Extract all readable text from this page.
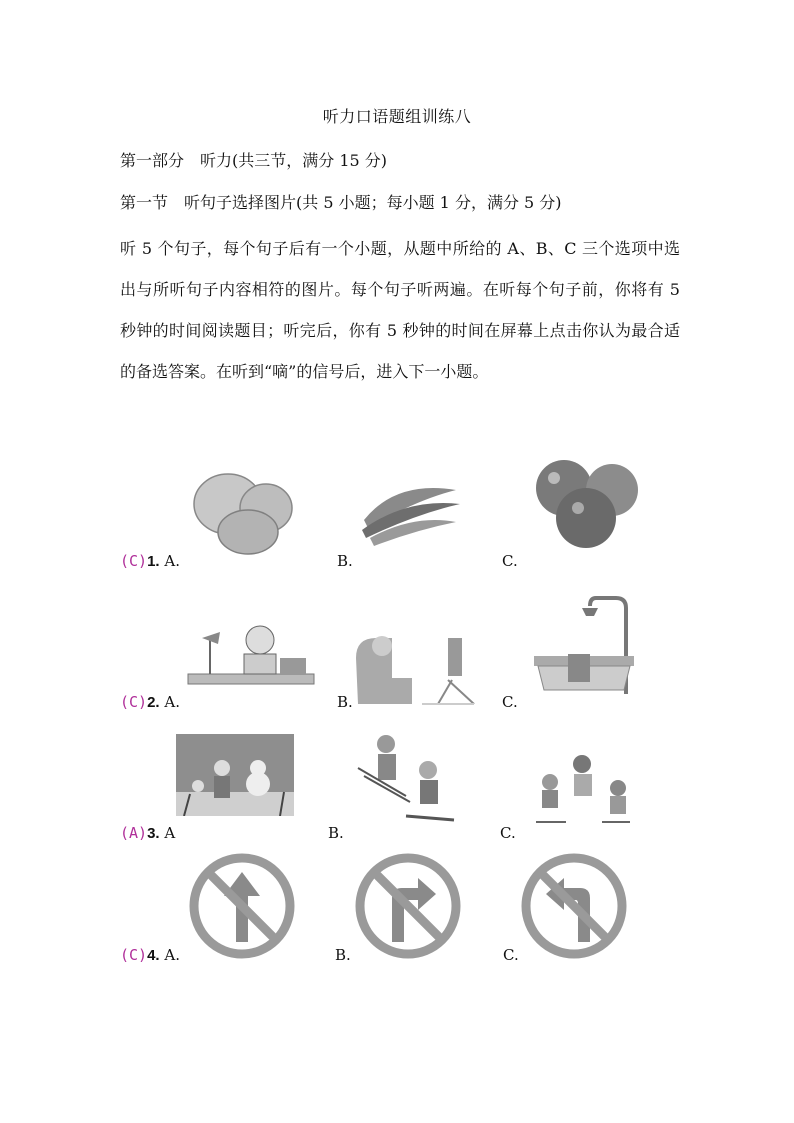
听力口语题组训练八
第一部分　听力(共三节，满分 15 分)
第一节　听句子选择图片(共 5 小题；每小题 1 分，满分 5 分)
听 5 个句子，每个句子后有一个小题，从题中所给的 A、B、C 三个选项中选出与所听句子内容相符的图片。每个句子听两遍。在听每个句子前，你将有 5 秒钟的时间阅读题目；听完后，你有 5 秒钟的时间在屏幕上点击你认为最合适的备选答案。在听到“嘀”的信号后，进入下一小题。
(C)1. A.	B.	C.
(C)2. A.	B.	C.
(A)3. A	B.	C.
(C)4. A.	B.	C.
